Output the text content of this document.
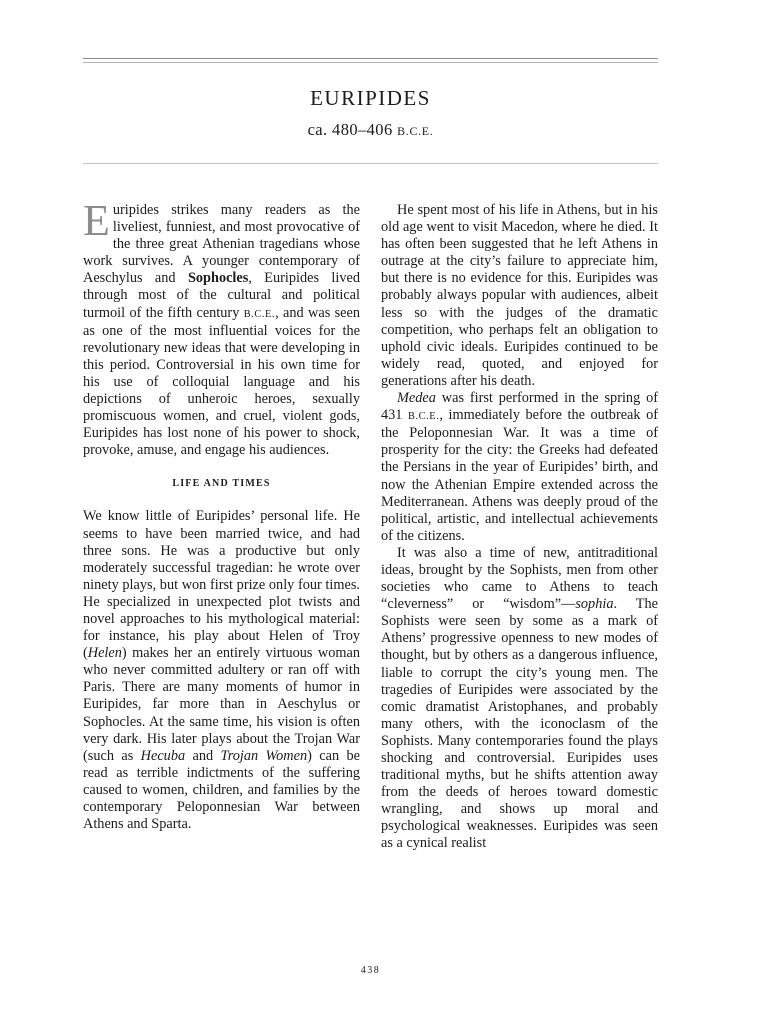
EURIPIDES
ca. 480–406 B.C.E.

Euripides strikes many readers as the liveliest, funniest, and most provocative of the three great Athenian tragedians whose work survives. A younger contemporary of Aeschylus and Sophocles, Euripides lived through most of the cultural and political turmoil of the fifth century B.C.E., and was seen as one of the most influential voices for the revolutionary new ideas that were developing in this period. Controversial in his own time for his use of colloquial language and his depictions of unheroic heroes, sexually promiscuous women, and cruel, violent gods, Euripides has lost none of his power to shock, provoke, amuse, and engage his audiences.

LIFE AND TIMES

We know little of Euripides’ personal life. He seems to have been married twice, and had three sons. He was a productive but only moderately successful tragedian: he wrote over ninety plays, but won first prize only four times. He specialized in unexpected plot twists and novel approaches to his mythological material: for instance, his play about Helen of Troy (Helen) makes her an entirely virtuous woman who never committed adultery or ran off with Paris. There are many moments of humor in Euripides, far more than in Aeschylus or Sophocles. At the same time, his vision is often very dark. His later plays about the Trojan War (such as Hecuba and Trojan Women) can be read as terrible indictments of the suffering caused to women, children, and families by the contemporary Peloponnesian War between Athens and Sparta.

He spent most of his life in Athens, but in his old age went to visit Macedon, where he died. It has often been suggested that he left Athens in outrage at the city’s failure to appreciate him, but there is no evidence for this. Euripides was probably always popular with audiences, albeit less so with the judges of the dramatic competition, who perhaps felt an obligation to uphold civic ideals. Euripides continued to be widely read, quoted, and enjoyed for generations after his death.

Medea was first performed in the spring of 431 B.C.E., immediately before the outbreak of the Peloponnesian War. It was a time of prosperity for the city: the Greeks had defeated the Persians in the year of Euripides’ birth, and now the Athenian Empire extended across the Mediterranean. Athens was deeply proud of the political, artistic, and intellectual achievements of the citizens.

It was also a time of new, antitraditional ideas, brought by the Sophists, men from other societies who came to Athens to teach “cleverness” or “wisdom”—sophia. The Sophists were seen by some as a mark of Athens’ progressive openness to new modes of thought, but by others as a dangerous influence, liable to corrupt the city’s young men. The tragedies of Euripides were associated by the comic dramatist Aristophanes, and probably many others, with the iconoclasm of the Sophists. Many contemporaries found the plays shocking and controversial. Euripides uses traditional myths, but he shifts attention away from the deeds of heroes toward domestic wrangling, and shows up moral and psychological weaknesses. Euripides was seen as a cynical realist

438
